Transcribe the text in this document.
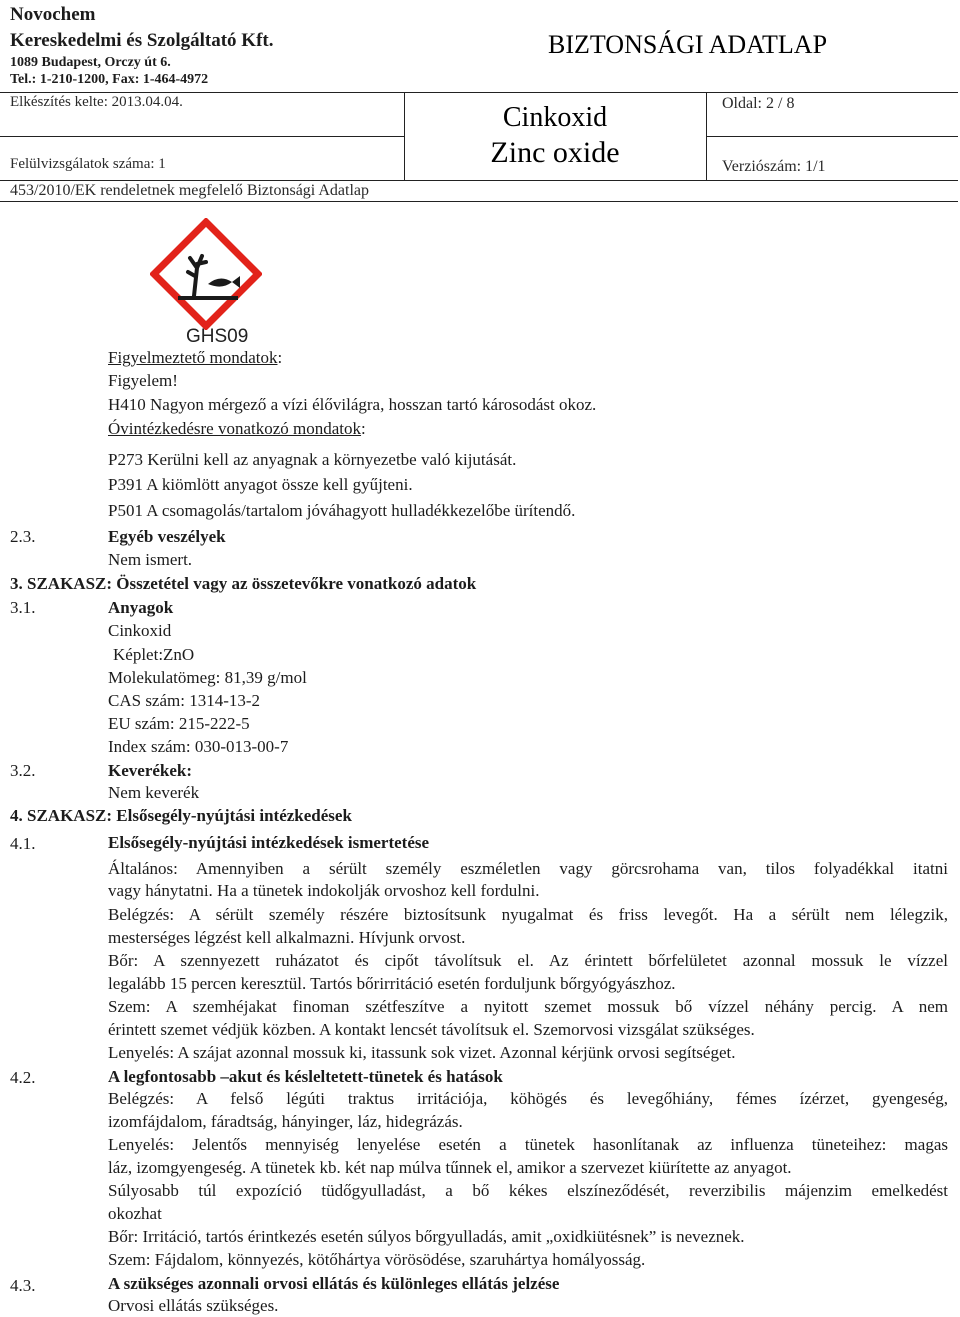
Novochem
Kereskedelmi és Szolgáltató Kft.
1089 Budapest, Orczy út 6.
Tel.: 1-210-1200, Fax: 1-464-4972
BIZTONSÁGI ADATLAP
Elkészítés kelte: 2013.04.04.
Felülvizsgálatok száma: 1
Cinkoxid
Zinc oxide
Oldal: 2 / 8
Verziószám: 1/1
453/2010/EK rendeletnek megfelelő Biztonsági Adatlap
GHS09
Figyelmeztető mondatok:
Figyelem!
H410 Nagyon mérgező a vízi élővilágra, hosszan tartó károsodást okoz.
Óvintézkedésre vonatkozó mondatok:
P273 Kerülni kell az anyagnak a környezetbe való kijutását.
P391 A kiömlött anyagot össze kell gyűjteni.
P501 A csomagolás/tartalom jóváhagyott hulladékkezelőbe ürítendő.
2.3.	Egyéb veszélyek
Nem ismert.
3. SZAKASZ: Összetétel vagy az összetevőkre vonatkozó adatok
3.1.	Anyagok
Cinkoxid
Képlet:ZnO
Molekulatömeg: 81,39 g/mol
CAS szám: 1314-13-2
EU szám: 215-222-5
Index szám: 030-013-00-7
3.2.	Keverékek:
Nem keverék
4. SZAKASZ: Elsősegély-nyújtási intézkedések
4.1.	Elsősegély-nyújtási intézkedések ismertetése
Általános: Amennyiben a sérült személy eszméletlen vagy görcsrohama van, tilos folyadékkal itatni
vagy hánytatni. Ha a tünetek indokolják orvoshoz kell fordulni.
Belégzés: A sérült személy részére biztosítsunk nyugalmat és friss levegőt. Ha a sérült nem lélegzik,
mesterséges légzést kell alkalmazni. Hívjunk orvost.
Bőr: A szennyezett ruházatot és cipőt távolítsuk el. Az érintett bőrfelületet azonnal mossuk le vízzel
legalább 15 percen keresztül. Tartós bőrirritáció esetén forduljunk bőrgyógyászhoz.
Szem: A szemhéjakat finoman szétfeszítve a nyitott szemet mossuk bő vízzel néhány percig. A nem
érintett szemet védjük közben. A kontakt lencsét távolítsuk el. Szemorvosi vizsgálat szükséges.
Lenyelés: A szájat azonnal mossuk ki, itassunk sok vizet. Azonnal kérjünk orvosi segítséget.
4.2.	A legfontosabb –akut és késleltetett-tünetek és hatások
Belégzés: A felső légúti traktus irritációja, köhögés és levegőhiány, fémes ízérzet, gyengeség,
izomfájdalom, fáradtság, hányinger, láz, hidegrázás.
Lenyelés: Jelentős mennyiség lenyelése esetén a tünetek hasonlítanak az influenza tüneteihez: magas
láz, izomgyengeség. A tünetek kb. két nap múlva tűnnek el, amikor a szervezet kiürítette az anyagot.
Súlyosabb túl expozíció tüdőgyulladást, a bő kékes elszíneződését, reverzibilis májenzim emelkedést
okozhat
Bőr: Irritáció, tartós érintkezés esetén súlyos bőrgyulladás, amit „oxidkiütésnek” is neveznek.
Szem: Fájdalom, könnyezés, kötőhártya vörösödése, szaruhártya homályosság.
4.3.	A szükséges azonnali orvosi ellátás és különleges ellátás jelzése
Orvosi ellátás szükséges.
